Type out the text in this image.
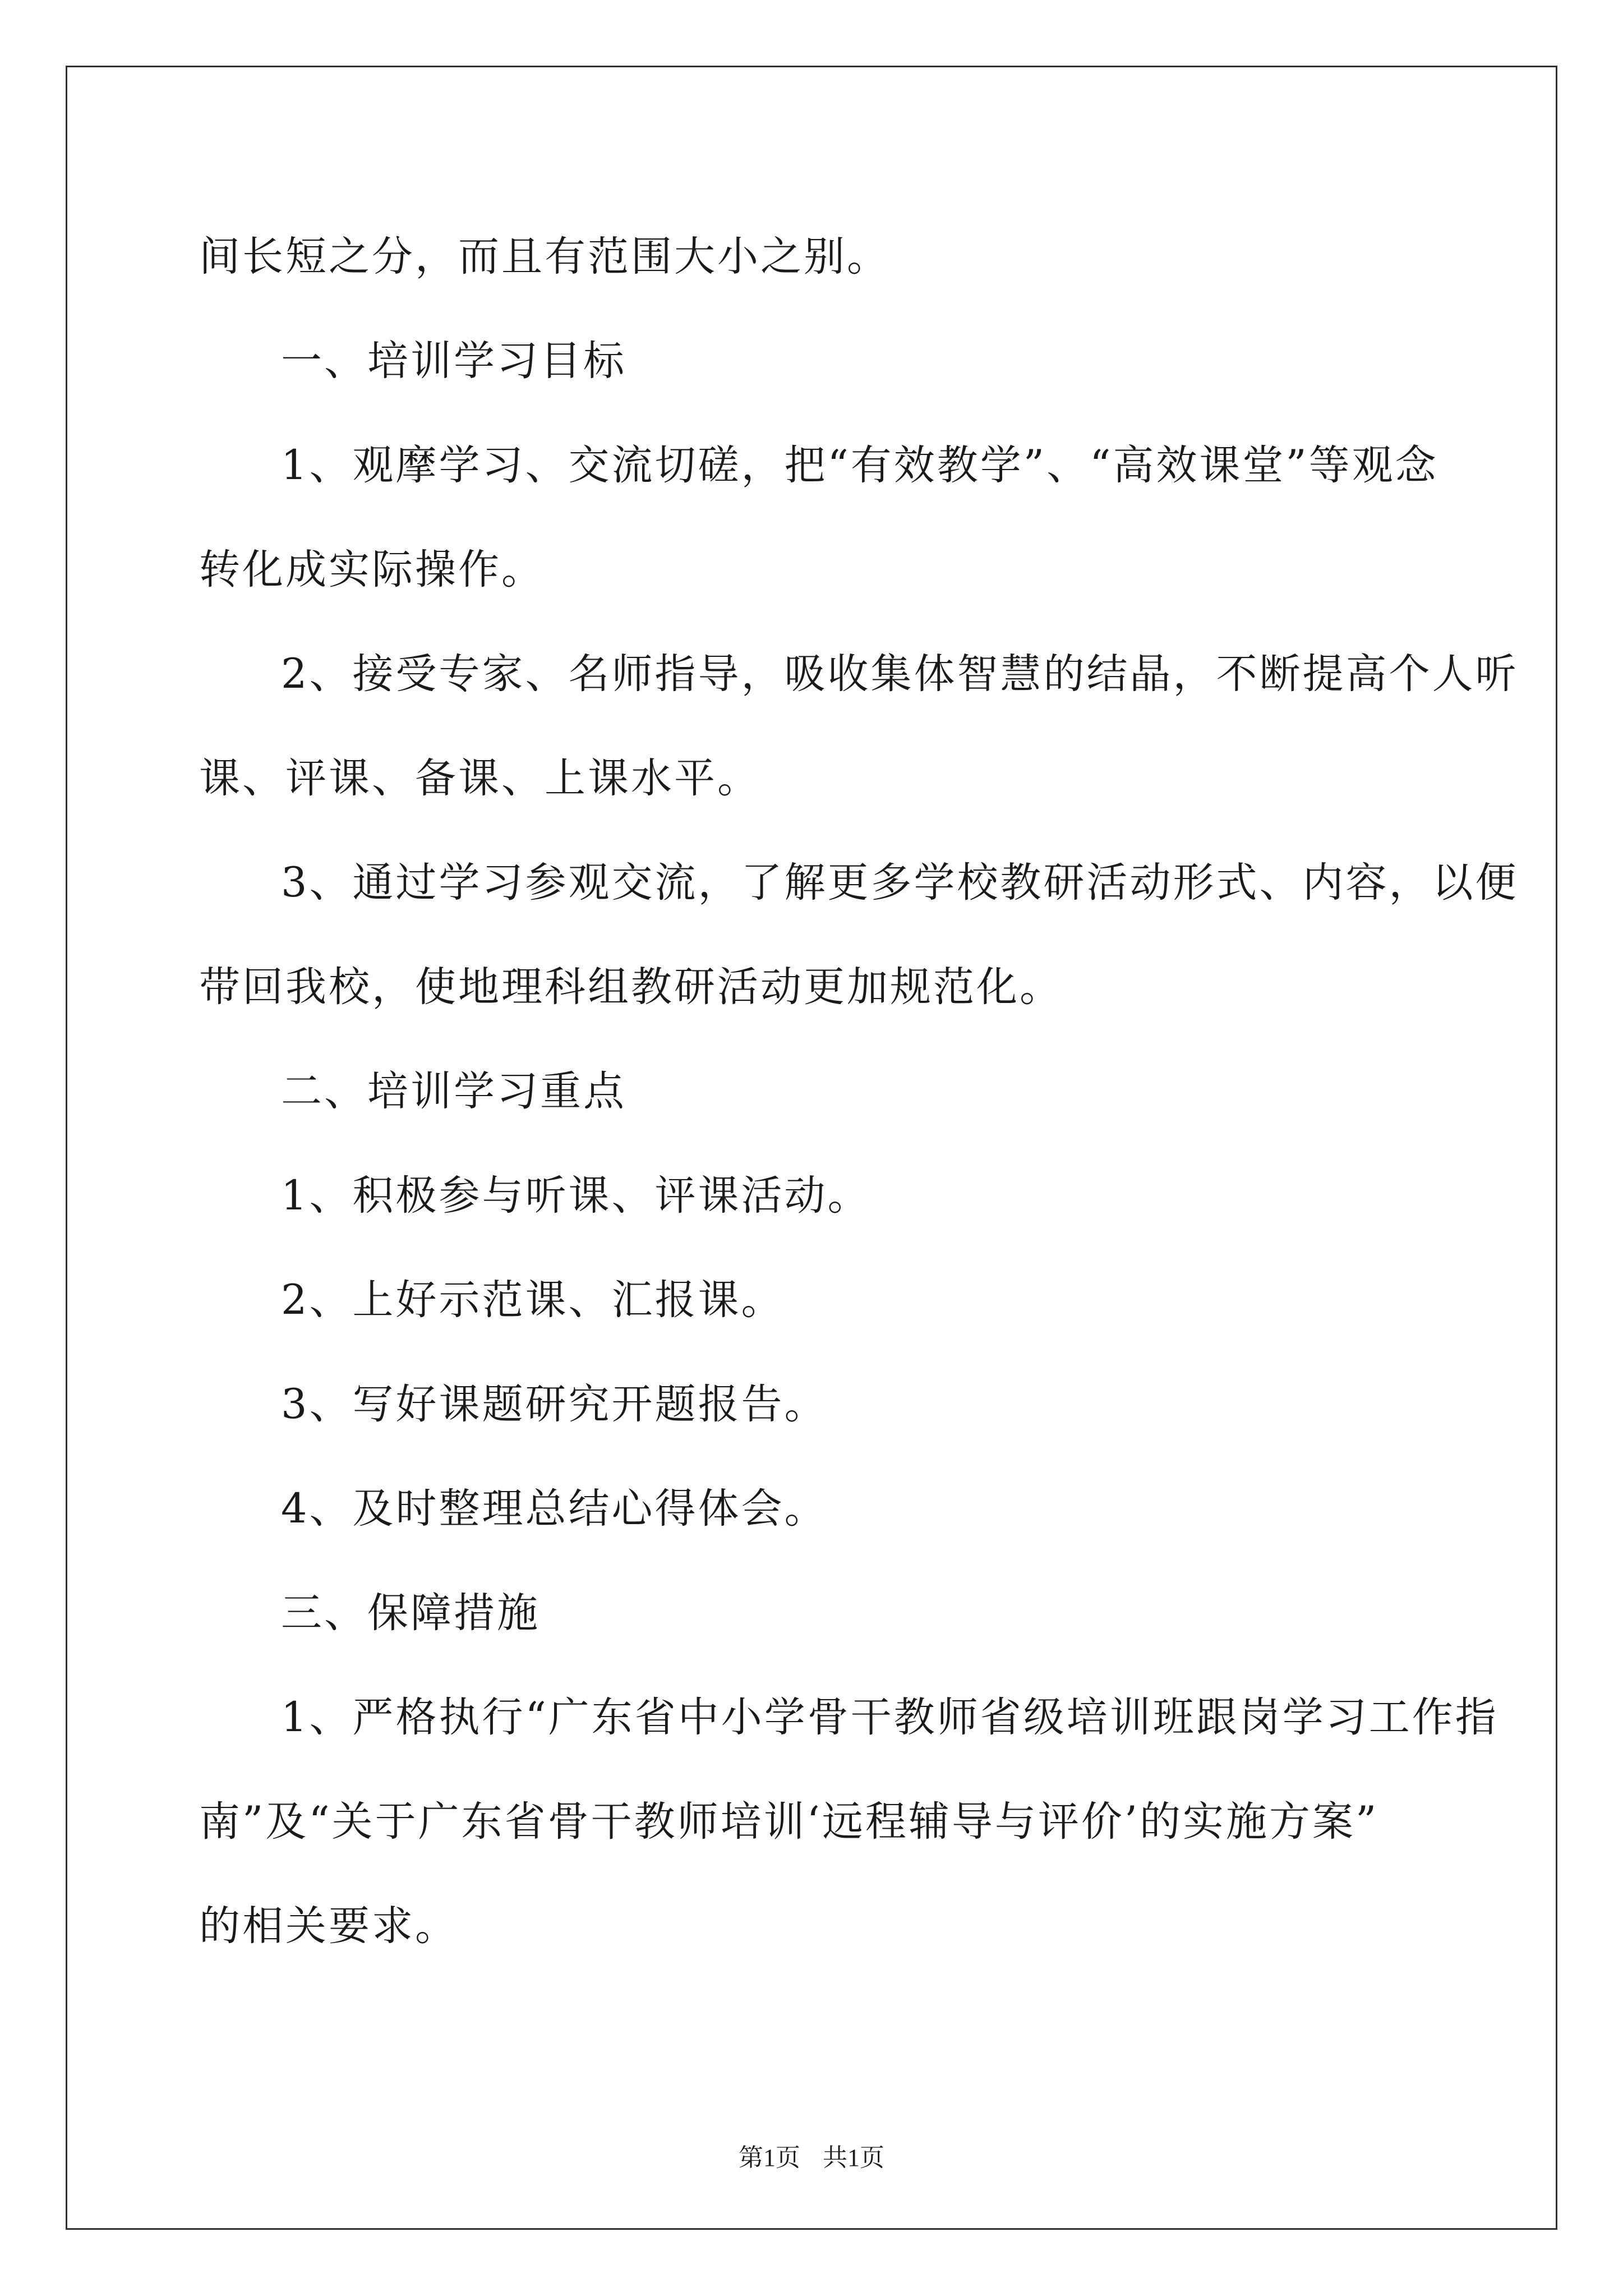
间长短之分，而且有范围大小之别。
一、培训学习目标
1、观摩学习、交流切磋，把“有效教学”、“高效课堂”等观念
转化成实际操作。
2、接受专家、名师指导，吸收集体智慧的结晶，不断提高个人听
课、评课、备课、上课水平。
3、通过学习参观交流，了解更多学校教研活动形式、内容，以便
带回我校，使地理科组教研活动更加规范化。
二、培训学习重点
1、积极参与听课、评课活动。
2、上好示范课、汇报课。
3、写好课题研究开题报告。
4、及时整理总结心得体会。
三、保障措施
1、严格执行“广东省中小学骨干教师省级培训班跟岗学习工作指
南”及“关于广东省骨干教师培训‘远程辅导与评价’的实施方案”
的相关要求。
第1页 共1页
